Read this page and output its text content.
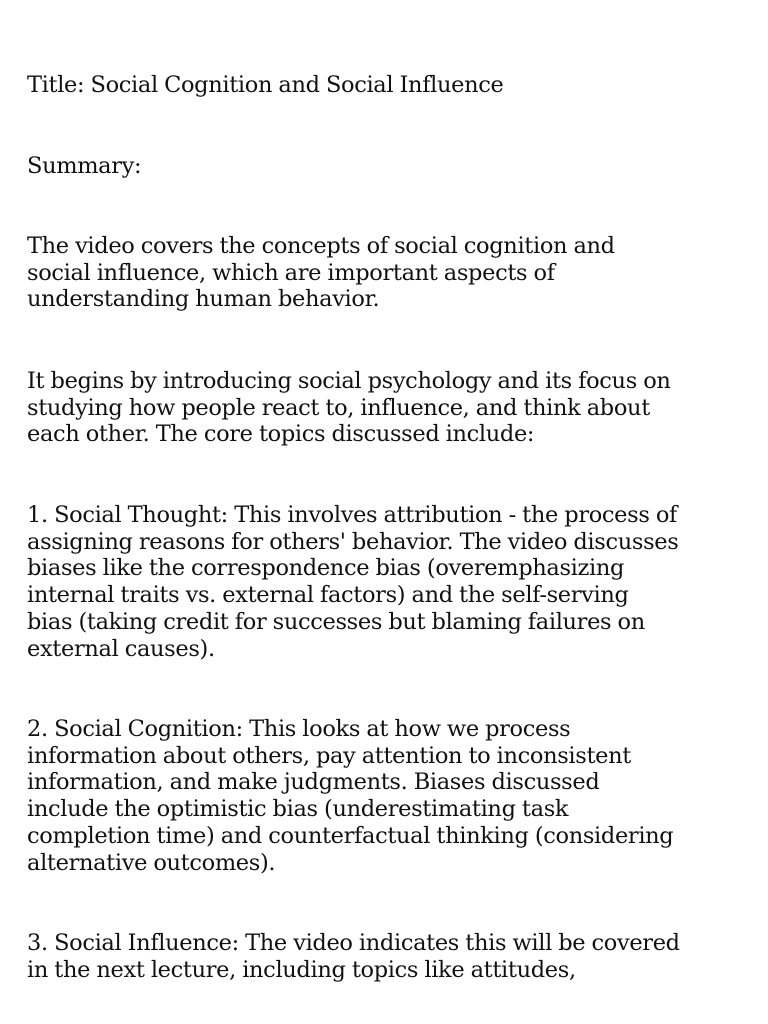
Title: Social Cognition and Social Influence

Summary:

The video covers the concepts of social cognition and
social influence, which are important aspects of
understanding human behavior.

It begins by introducing social psychology and its focus on
studying how people react to, influence, and think about
each other. The core topics discussed include:

1. Social Thought: This involves attribution - the process of
assigning reasons for others' behavior. The video discusses
biases like the correspondence bias (overemphasizing
internal traits vs. external factors) and the self-serving
bias (taking credit for successes but blaming failures on
external causes).

2. Social Cognition: This looks at how we process
information about others, pay attention to inconsistent
information, and make judgments. Biases discussed
include the optimistic bias (underestimating task
completion time) and counterfactual thinking (considering
alternative outcomes).

3. Social Influence: The video indicates this will be covered
in the next lecture, including topics like attitudes,
